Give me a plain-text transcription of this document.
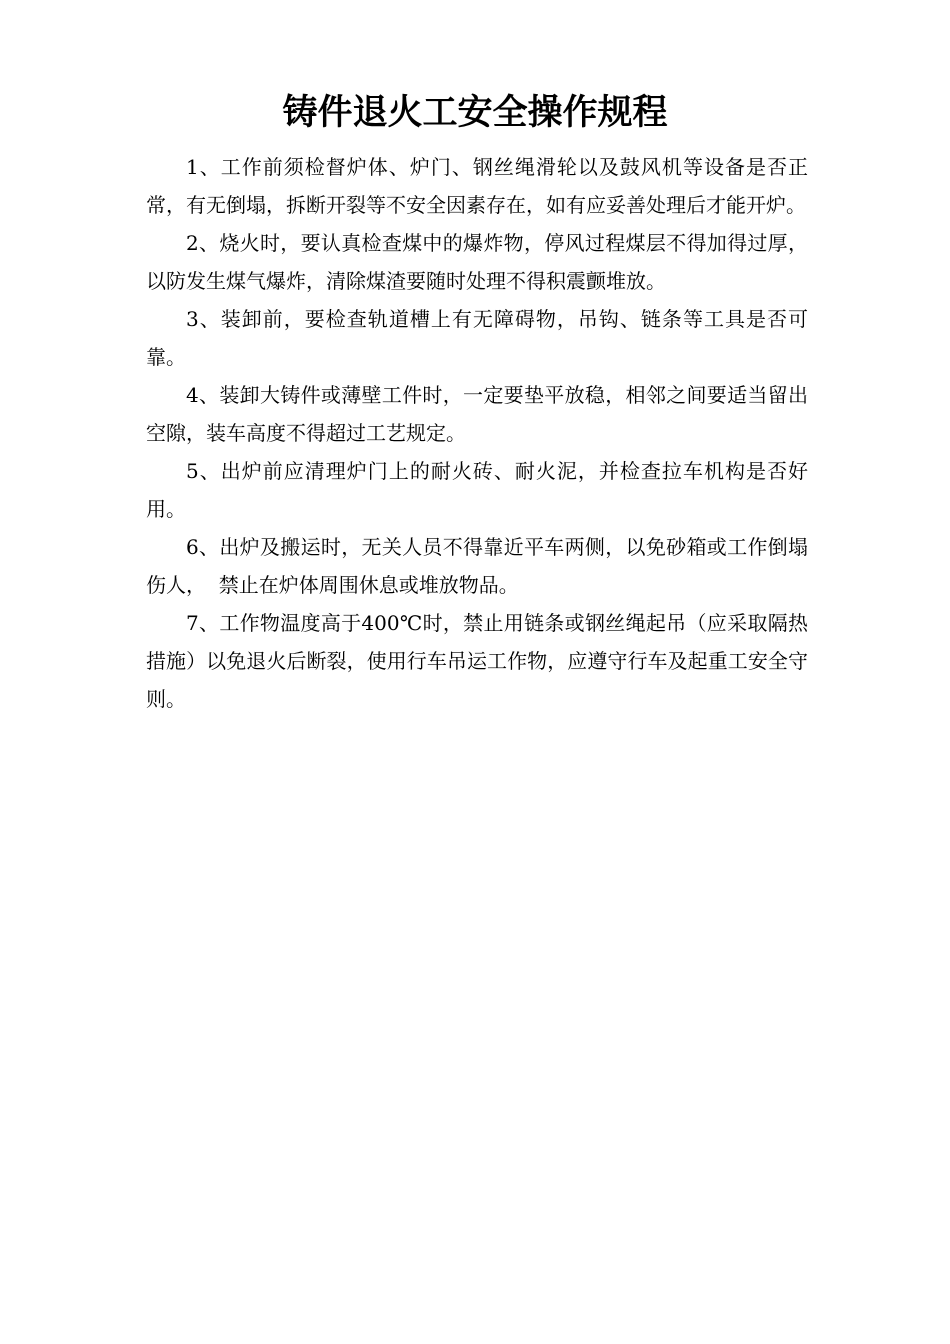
铸件退火工安全操作规程

1、工作前须检督炉体、炉门、钢丝绳滑轮以及鼓风机等设备是否正常，有无倒塌，拆断开裂等不安全因素存在，如有应妥善处理后才能开炉。

2、烧火时，要认真检查煤中的爆炸物，停风过程煤层不得加得过厚，以防发生煤气爆炸，清除煤渣要随时处理不得积震颤堆放。

3、装卸前，要检查轨道槽上有无障碍物，吊钩、链条等工具是否可靠。

4、装卸大铸件或薄壁工件时，一定要垫平放稳，相邻之间要适当留出空隙，装车高度不得超过工艺规定。

5、出炉前应清理炉门上的耐火砖、耐火泥，并检查拉车机构是否好用。

6、出炉及搬运时，无关人员不得靠近平车两侧，以免砂箱或工作倒塌伤人，  禁止在炉体周围休息或堆放物品。

7、工作物温度高于400℃时，禁止用链条或钢丝绳起吊（应采取隔热措施）以免退火后断裂，使用行车吊运工作物，应遵守行车及起重工安全守则。
